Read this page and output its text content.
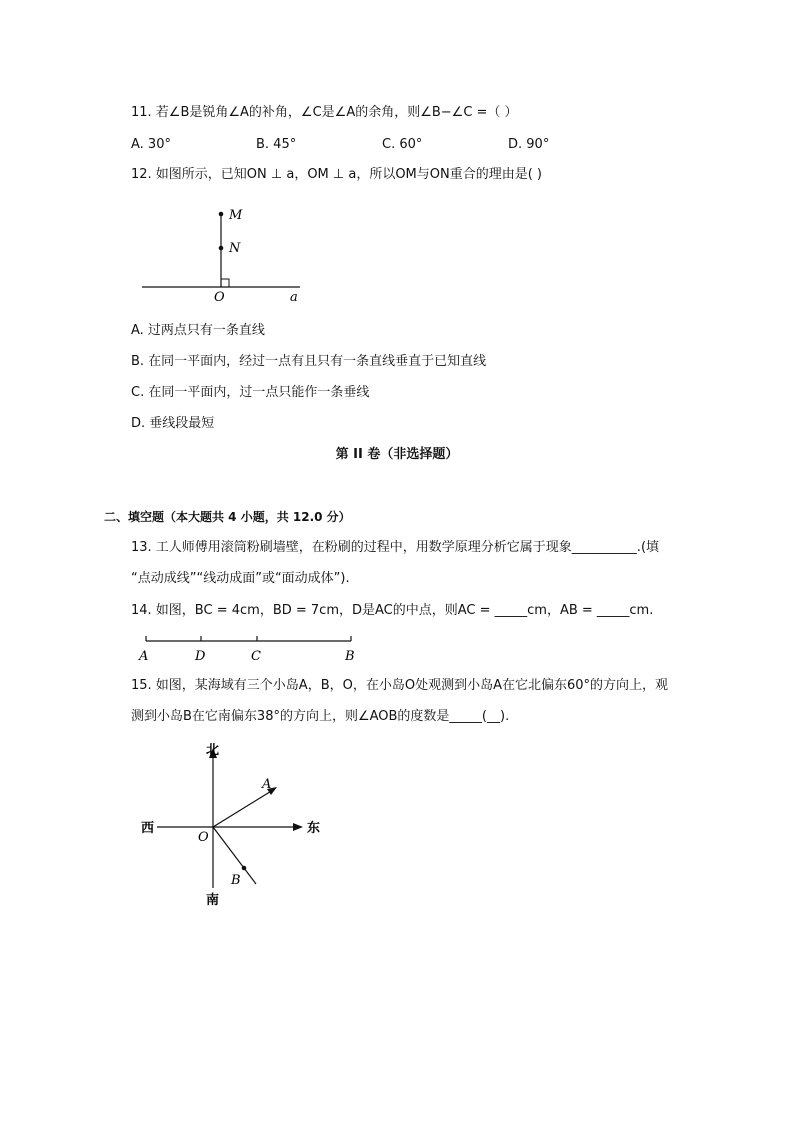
11. 若∠B是锐角∠A的补角，∠C是∠A的余角，则∠B−∠C =（ ）
A. 30°	B. 45°	C. 60°	D. 90°
12. 如图所示，已知ON ⊥ a，OM ⊥ a，所以OM与ON重合的理由是( )
M
N
O	a
A. 过两点只有一条直线
B. 在同一平面内，经过一点有且只有一条直线垂直于已知直线
C. 在同一平面内，过一点只能作一条垂线
D. 垂线段最短
第 II 卷（非选择题）
二、填空题（本大题共 4 小题，共 12.0 分）
13. 工人师傅用滚筒粉刷墙壁，在粉刷的过程中，用数学原理分析它属于现象__________.(填
“点动成线”“线动成面”或“面动成体”).
14. 如图，BC = 4cm，BD = 7cm，D是AC的中点，则AC = _____cm，AB = _____cm.
A	D	C	B
15. 如图，某海域有三个小岛A，B，O，在小岛O处观测到小岛A在它北偏东60°的方向上，观
测到小岛B在它南偏东38°的方向上，则∠AOB的度数是_____(__).
北
南
东
西
O
A
B
